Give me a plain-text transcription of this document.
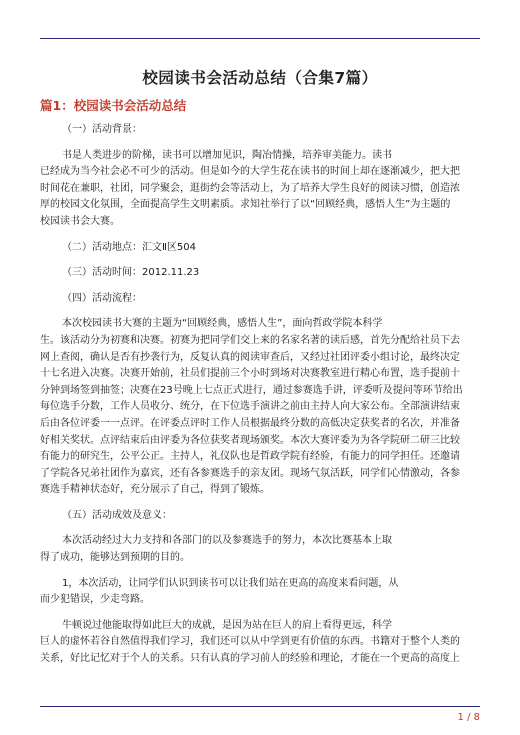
校园读书会活动总结（合集7篇）
篇1：校园读书会活动总结

（一）活动背景：

书是人类进步的阶梯，读书可以增加见识，陶冶情操，培养审美能力。读书

已经成为当今社会必不可少的活动。但是如今的大学生花在读书的时间上却在逐渐减少，把大把

时间花在兼职，社团，同学聚会，逛街约会等活动上，为了培养大学生良好的阅读习惯，创造浓

厚的校园文化氛围，全面提高学生文明素质。求知社举行了以“回顾经典，感悟人生”为主题的

校园读书会大赛。

（二）活动地点：汇文Ⅱ区504

（三）活动时间：2012.11.23

（四）活动流程：

本次校园读书大赛的主题为“回顾经典，感悟人生”，面向哲政学院本科学

生。该活动分为初赛和决赛。初赛为把同学们交上来的名家名著的读后感，首先分配给社员下去

网上查阅，确认是否有抄袭行为，反复认真的阅读审查后，又经过社团评委小组讨论，最终决定

十七名进入决赛。决赛开始前，社员们提前三个小时到场对决赛教室进行精心布置，选手提前十

分钟到场签到抽签；决赛在23号晚上七点正式进行，通过参赛选手讲，评委听及提问等环节给出

每位选手分数，工作人员收分、统分，在下位选手演讲之前由主持人向大家公布。全部演讲结束

后由各位评委一一点评。在评委点评时工作人员根据最终分数的高低决定获奖者的名次，并准备

好相关奖状。点评结束后由评委为各位获奖者现场颁奖。本次大赛评委为为各学院研二研三比较

有能力的研究生，公平公正。主持人，礼仪队也是哲政学院有经验，有能力的同学担任。还邀请

了学院各兄弟社团作为嘉宾，还有各参赛选手的亲友团。现场气氛活跃，同学们心情激动，各参

赛选手精神状态好，充分展示了自己，得到了锻炼。

（五）活动成效及意义：

本次活动经过大力支持和各部门的以及参赛选手的努力，本次比赛基本上取

得了成功，能够达到预期的目的。

1，本次活动，让同学们认识到读书可以让我们站在更高的高度来看问题，从

而少犯错误，少走弯路。

牛顿说过他能取得如此巨大的成就，是因为站在巨人的肩上看得更远，科学

巨人的虚怀若谷自然值得我们学习，我们还可以从中学到更有价值的东西。书籍对于整个人类的

关系，好比记忆对于个人的关系。只有认真的学习前人的经验和理论，才能在一个更高的高度上

1 / 8
